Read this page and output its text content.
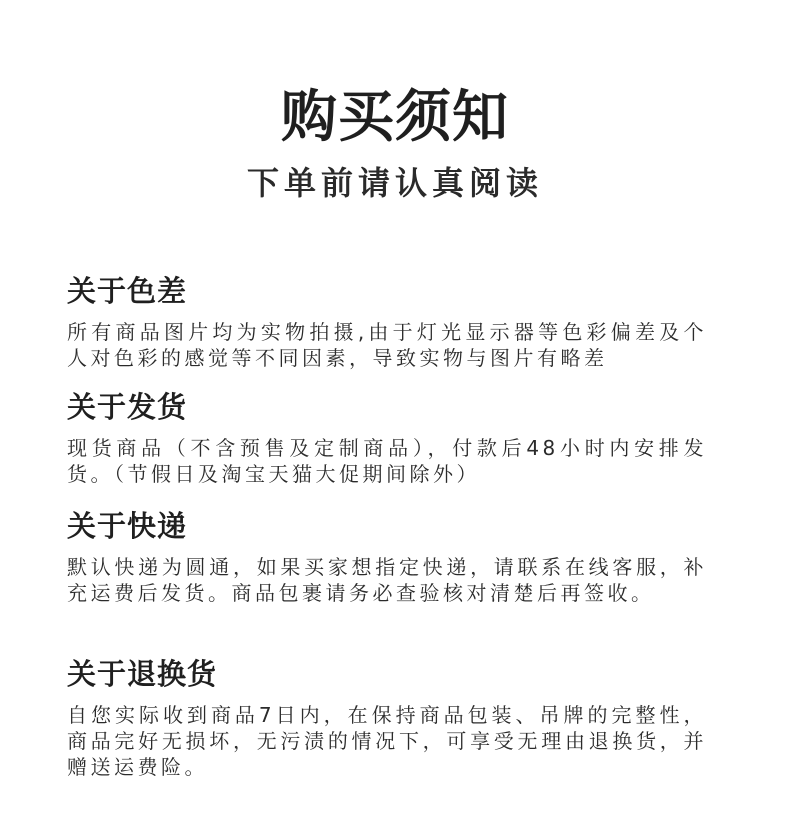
购买须知
下单前请认真阅读
关于色差

所有商品图片均为实物拍摄,由于灯光显示器等色彩偏差及个人对色彩的感觉等不同因素，导致实物与图片有略差

关于发货

现货商品（不含预售及定制商品），付款后48小时内安排发货。（节假日及淘宝天猫大促期间除外）

关于快递

默认快递为圆通，如果买家想指定快递，请联系在线客服，补充运费后发货。商品包裹请务必查验核对清楚后再签收。

关于退换货

自您实际收到商品7日内，在保持商品包装、吊牌的完整性，商品完好无损坏，无污渍的情况下，可享受无理由退换货，并赠送运费险。
